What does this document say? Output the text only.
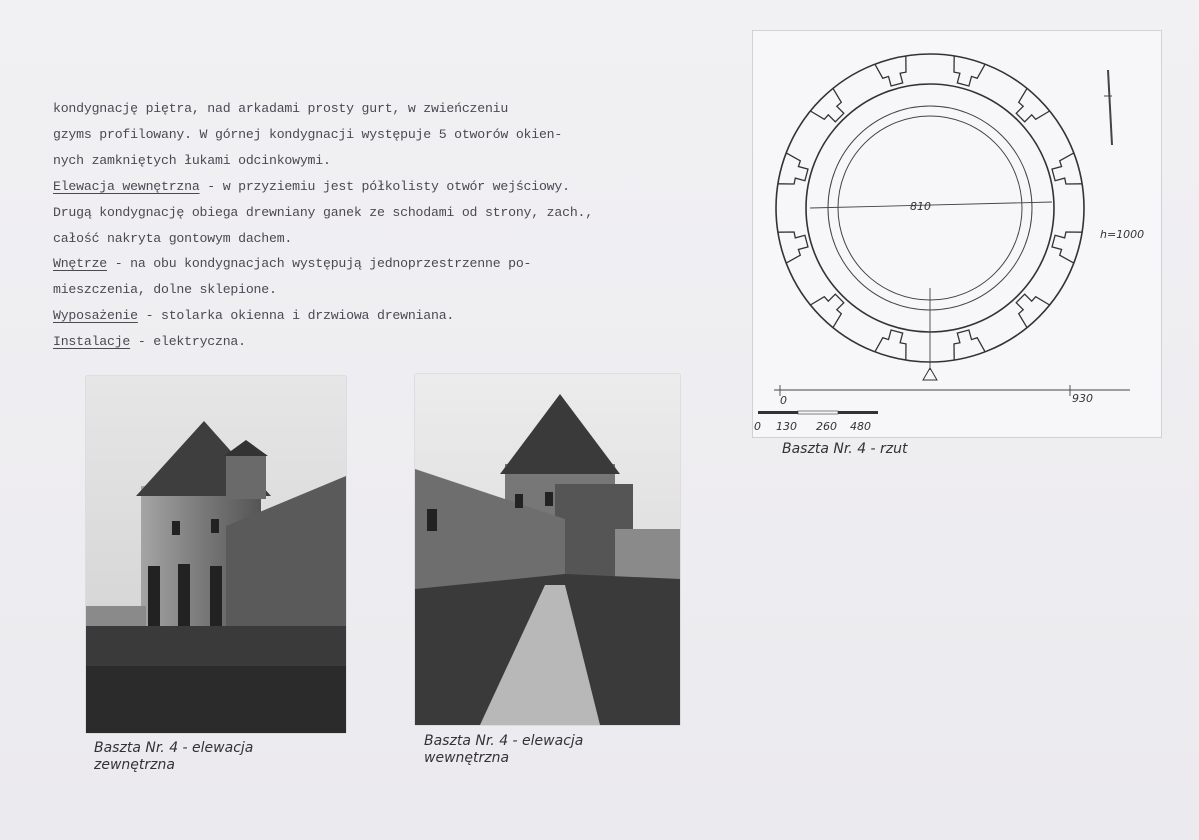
kondygnację piętra, nad arkadami prosty gurt, w zwieńczeniu
gzyms profilowany. W górnej kondygnacji występuje 5 otworów okien-
nych zamkniętych łukami odcinkowymi.
Elewacja wewnętrzna - w przyziemiu jest półkolisty otwór wejściowy.
Drugą kondygnację obiega drewniany ganek ze schodami od strony, zach.,
całość nakryta gontowym dachem.
Wnętrze - na obu kondygnacjach występują jednoprzestrzenne po-
mieszczenia, dolne sklepione.
Wyposażenie - stolarka okienna i drzwiowa drewniana.
Instalacje - elektryczna.
810
h=1000
0	930
0 130 260 480
Baszta Nr. 4 - rzut
Baszta Nr. 4 - elewacja
zewnętrzna
Baszta Nr. 4 - elewacja
wewnętrzna
